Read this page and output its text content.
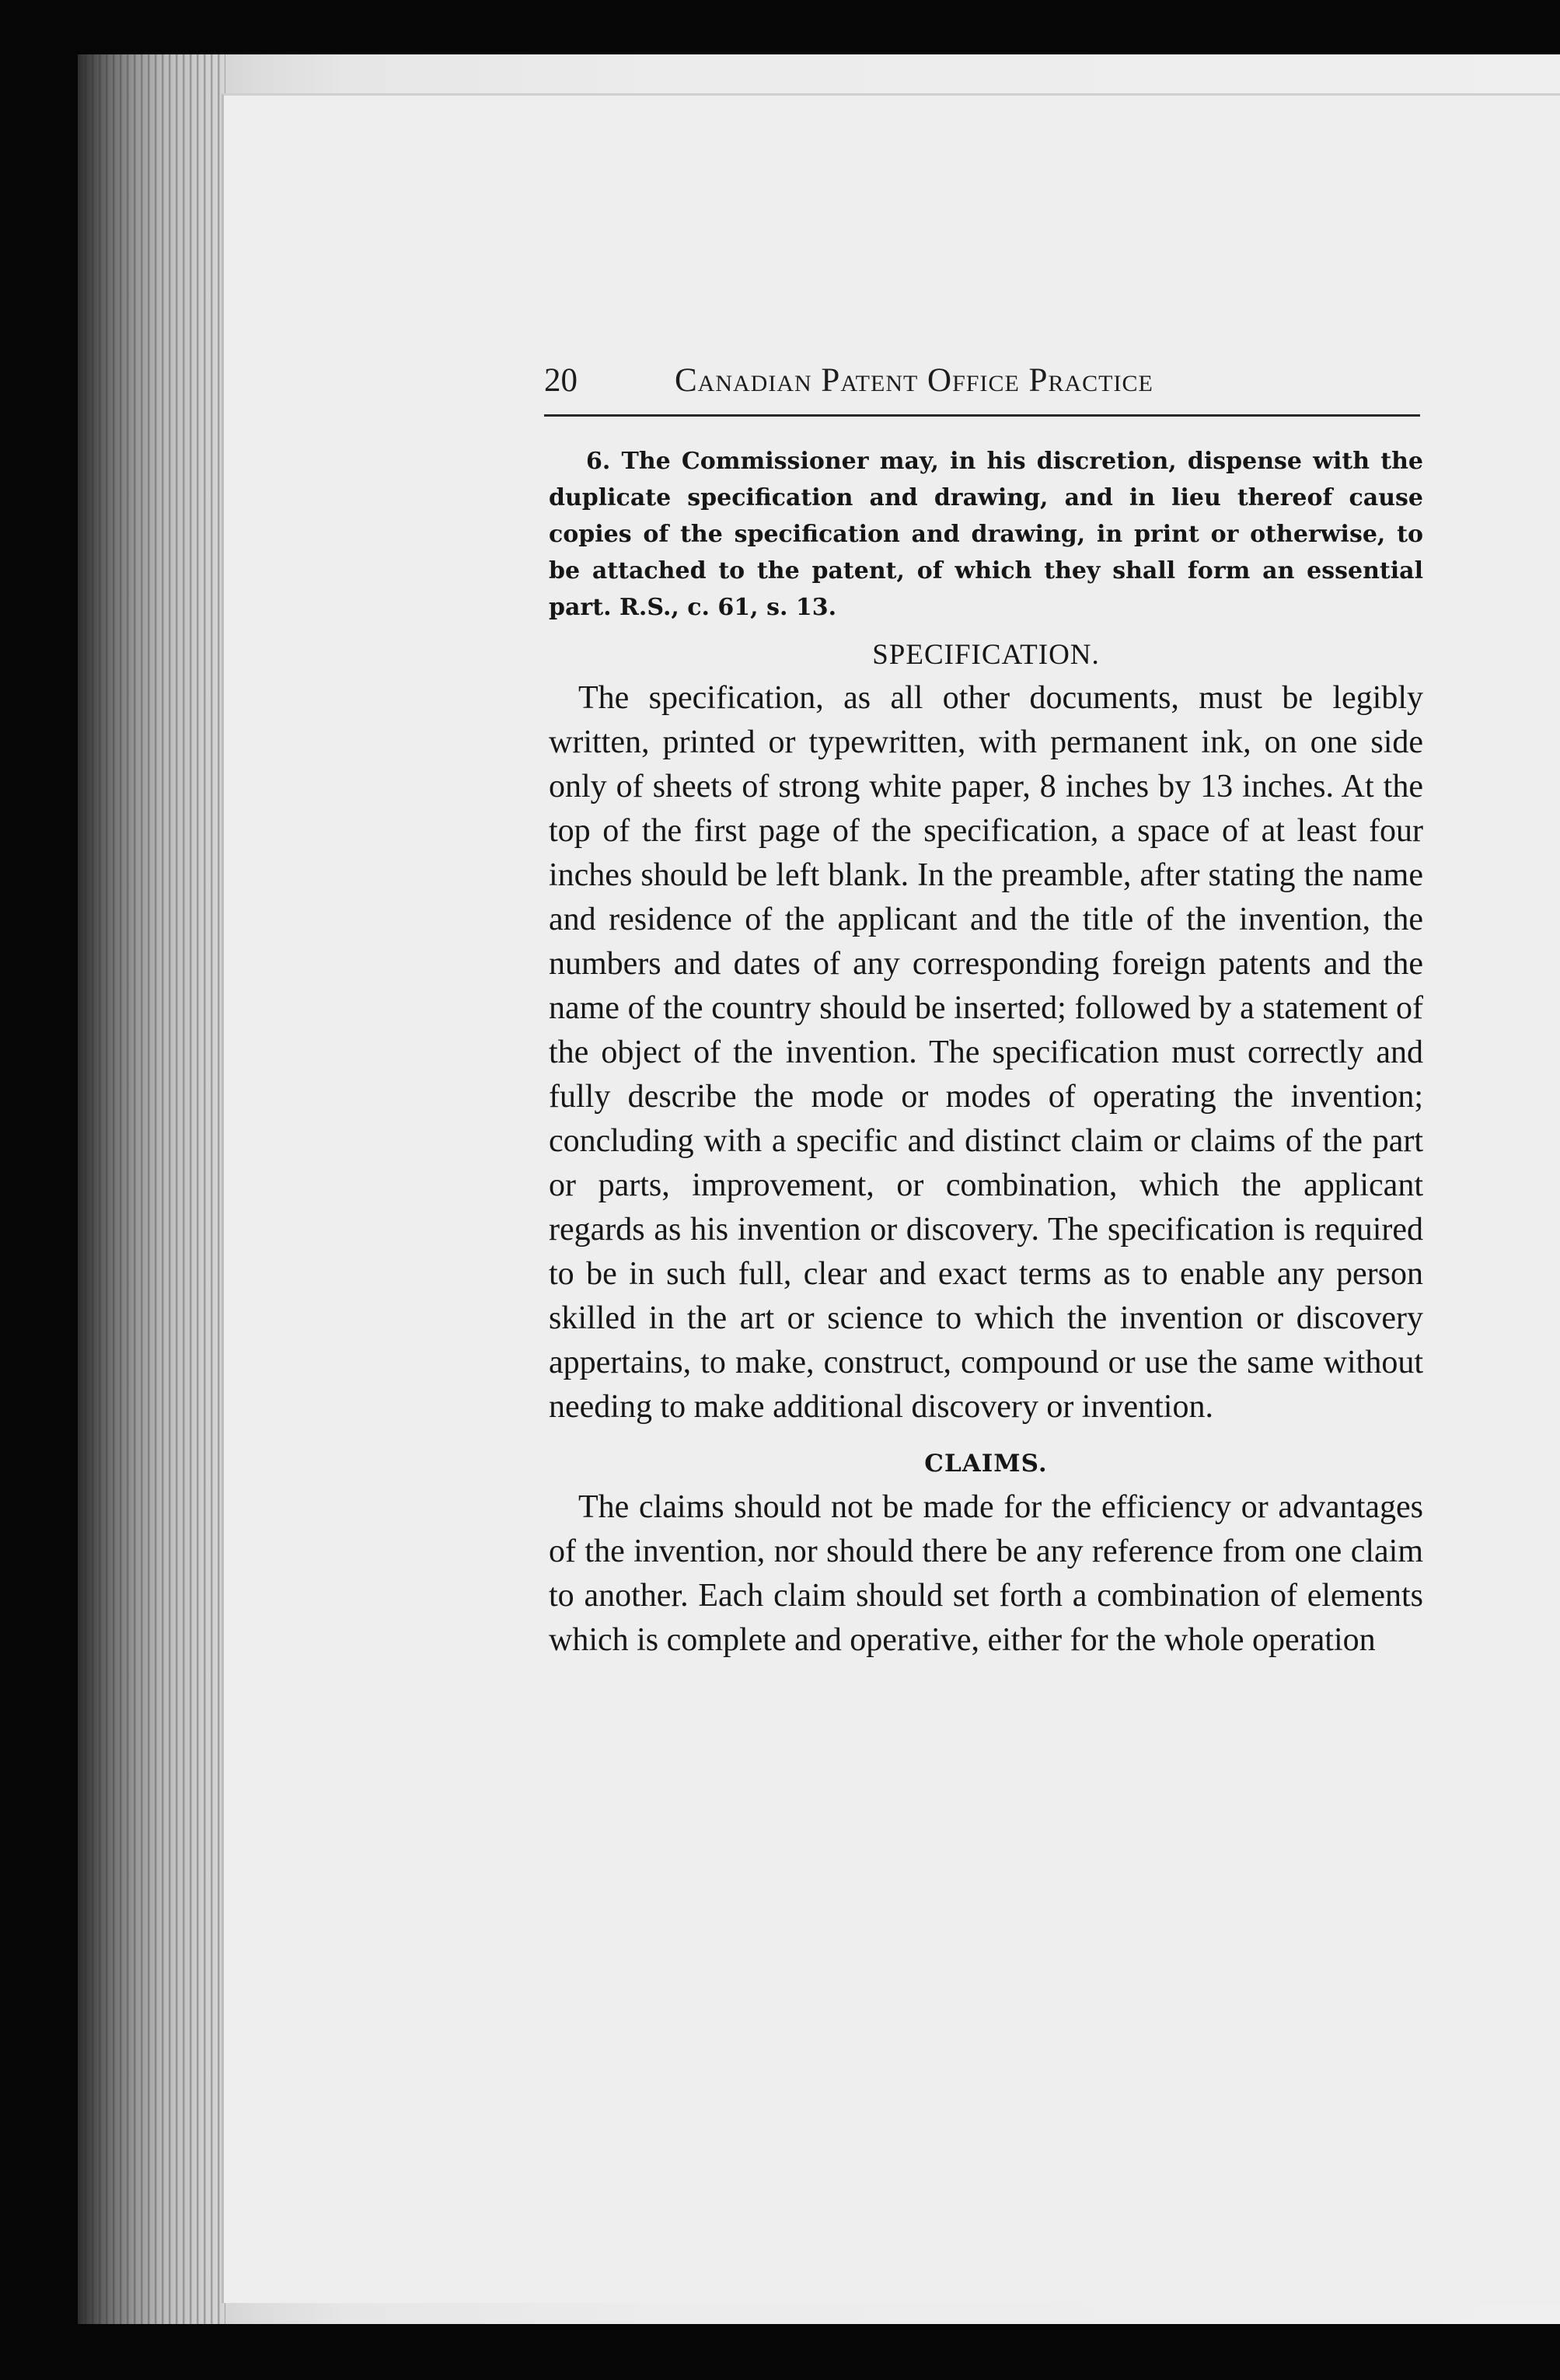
20	Canadian Patent Office Practice

6. The Commissioner may, in his discretion, dispense with the duplicate specification and drawing, and in lieu thereof cause copies of the specification and drawing, in print or otherwise, to be attached to the patent, of which they shall form an essential part. R.S., c. 61, s. 13.

SPECIFICATION.

The specification, as all other documents, must be legibly written, printed or typewritten, with permanent ink, on one side only of sheets of strong white paper, 8 inches by 13 inches. At the top of the first page of the specification, a space of at least four inches should be left blank. In the preamble, after stating the name and residence of the applicant and the title of the invention, the numbers and dates of any corresponding foreign patents and the name of the country should be inserted; followed by a statement of the object of the invention. The specification must correctly and fully describe the mode or modes of operating the invention; concluding with a specific and distinct claim or claims of the part or parts, improvement, or combination, which the applicant regards as his invention or discovery. The specification is required to be in such full, clear and exact terms as to enable any person skilled in the art or science to which the invention or discovery appertains, to make, construct, compound or use the same without needing to make additional discovery or invention.

CLAIMS.

The claims should not be made for the efficiency or advantages of the invention, nor should there be any reference from one claim to another. Each claim should set forth a combination of elements which is complete and operative, either for the whole operation
